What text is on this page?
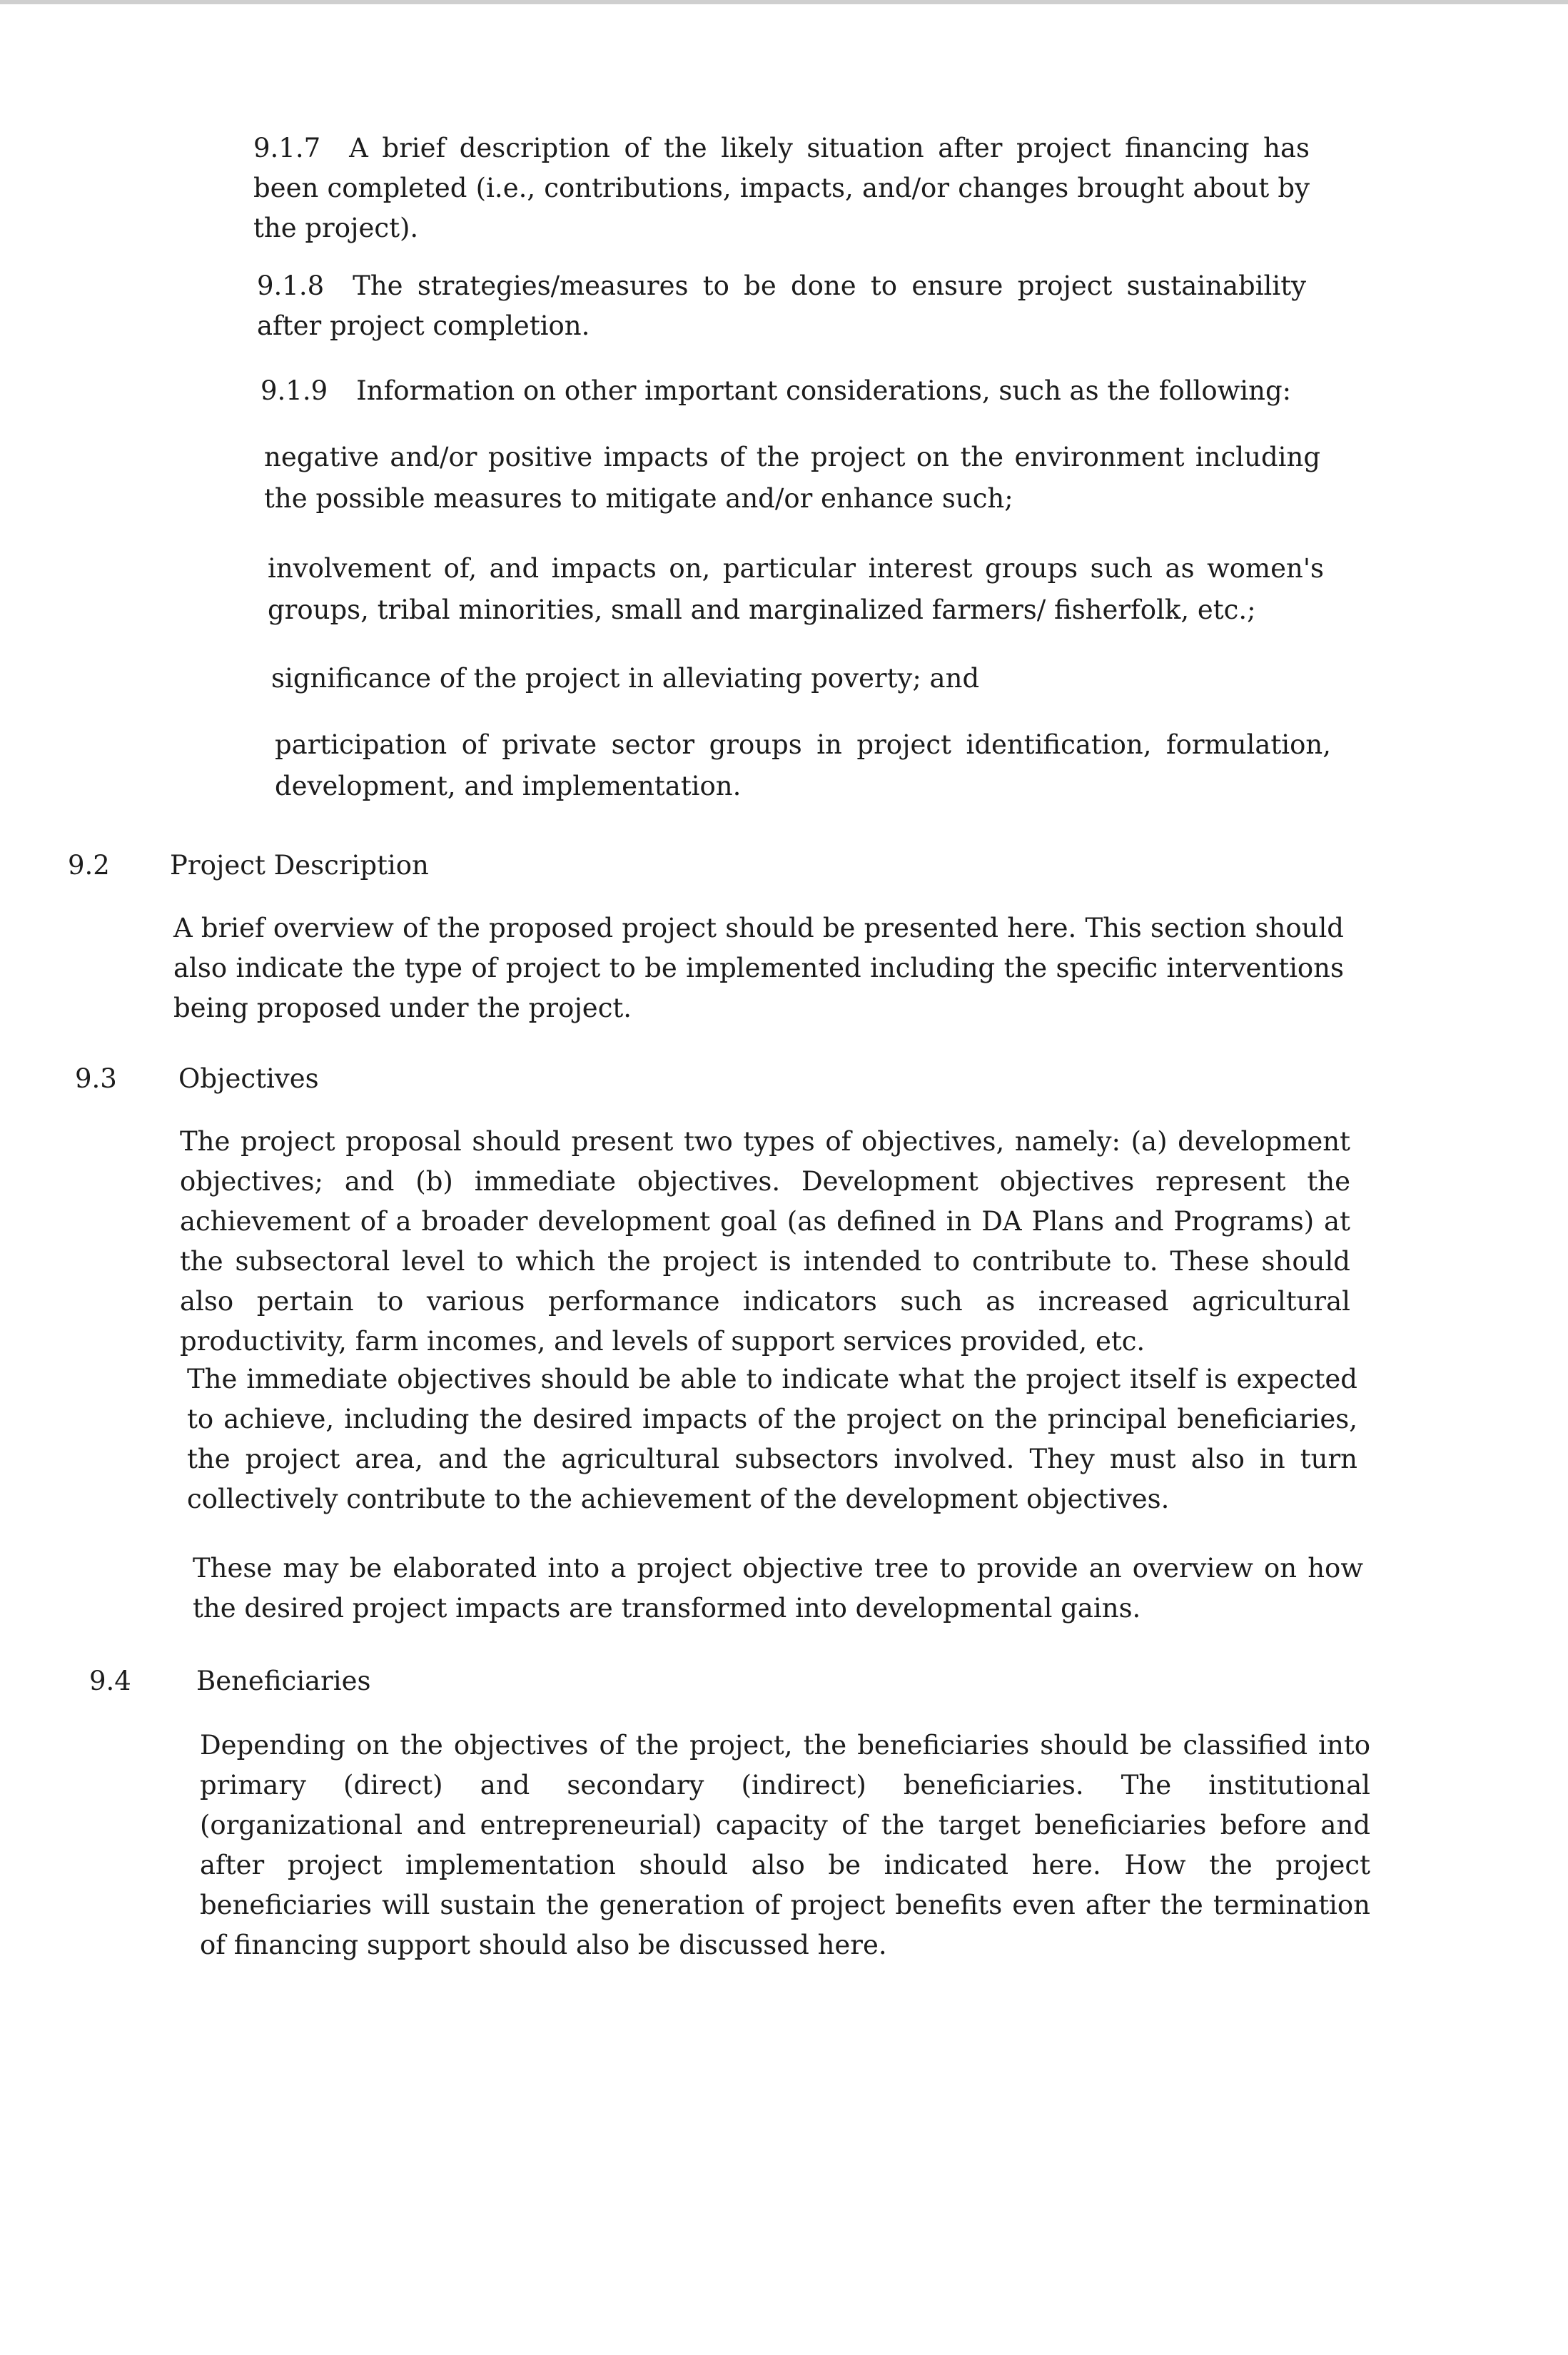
9.1.7 A brief description of the likely situation after project financing has been completed (i.e., contributions, impacts, and/or changes brought about by the project).

9.1.8 The strategies/measures to be done to ensure project sustainability after project completion.

9.1.9 Information on other important considerations, such as the following:

negative and/or positive impacts of the project on the environment including the possible measures to mitigate and/or enhance such;

involvement of, and impacts on, particular interest groups such as women's groups, tribal minorities, small and marginalized farmers/ fisherfolk, etc.;

significance of the project in alleviating poverty; and

participation of private sector groups in project identification, formulation, development, and implementation.

9.2 Project Description

A brief overview of the proposed project should be presented here. This section should also indicate the type of project to be implemented including the specific interventions being proposed under the project.

9.3 Objectives

The project proposal should present two types of objectives, namely: (a) development objectives; and (b) immediate objectives. Development objectives represent the achievement of a broader development goal (as defined in DA Plans and Programs) at the subsectoral level to which the project is intended to contribute to. These should also pertain to various performance indicators such as increased agricultural productivity, farm incomes, and levels of support services provided, etc.

The immediate objectives should be able to indicate what the project itself is expected to achieve, including the desired impacts of the project on the principal beneficiaries, the project area, and the agricultural subsectors involved. They must also in turn collectively contribute to the achievement of the development objectives.

These may be elaborated into a project objective tree to provide an overview on how the desired project impacts are transformed into developmental gains.

9.4 Beneficiaries

Depending on the objectives of the project, the beneficiaries should be classified into primary (direct) and secondary (indirect) beneficiaries. The institutional (organizational and entrepreneurial) capacity of the target beneficiaries before and after project implementation should also be indicated here. How the project beneficiaries will sustain the generation of project benefits even after the termination of financing support should also be discussed here.
